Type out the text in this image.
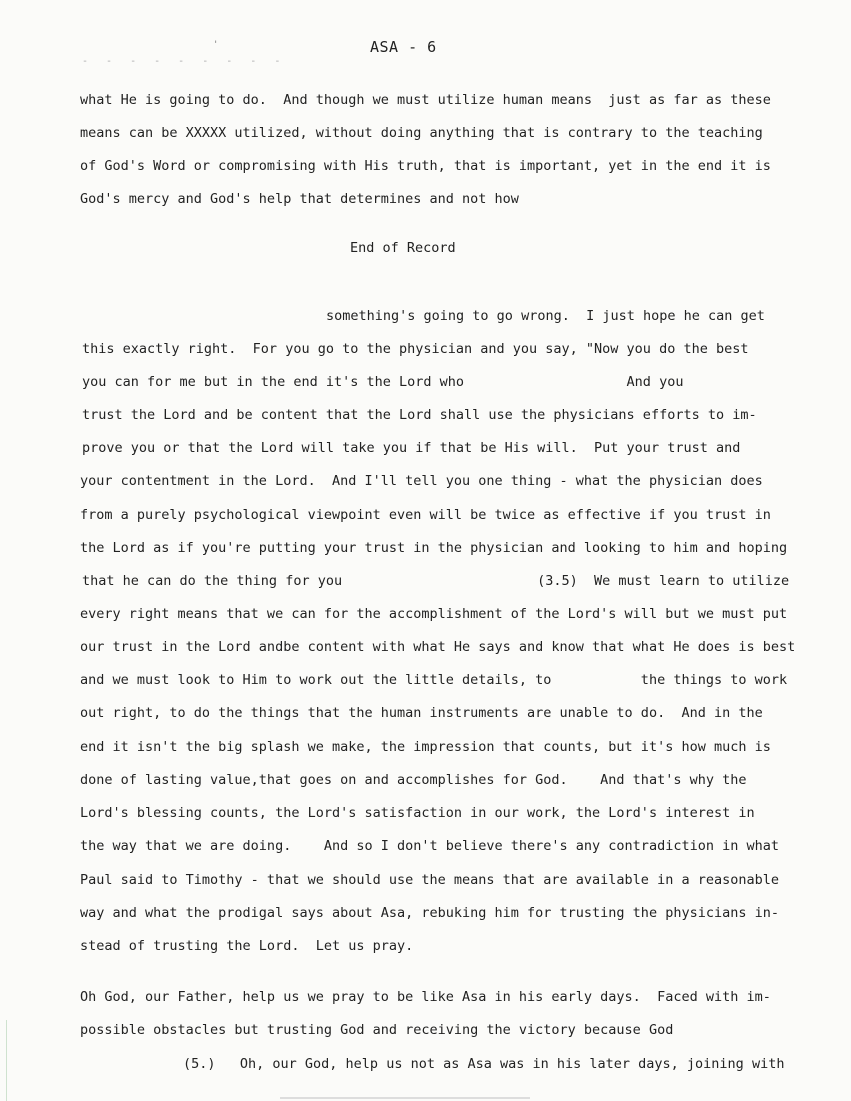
'
- - - - - - - - -
ASA - 6
what He is going to do.  And though we must utilize human means  just as far as these
means can be XXXXX utilized, without doing anything that is contrary to the teaching
of God's Word or compromising with His truth, that is important, yet in the end it is
God's mercy and God's help that determines and not how
End of Record
something's going to go wrong.  I just hope he can get
this exactly right.  For you go to the physician and you say, "Now you do the best
you can for me but in the end it's the Lord who                    And you
trust the Lord and be content that the Lord shall use the physicians efforts to im-
prove you or that the Lord will take you if that be His will.  Put your trust and
your contentment in the Lord.  And I'll tell you one thing - what the physician does
from a purely psychological viewpoint even will be twice as effective if you trust in
the Lord as if you're putting your trust in the physician and looking to him and hoping
that he can do the thing for you                        (3.5)  We must learn to utilize
every right means that we can for the accomplishment of the Lord's will but we must put
our trust in the Lord andbe content with what He says and know that what He does is best
and we must look to Him to work out the little details, to           the things to work
out right, to do the things that the human instruments are unable to do.  And in the
end it isn't the big splash we make, the impression that counts, but it's how much is
done of lasting value,that goes on and accomplishes for God.    And that's why the
Lord's blessing counts, the Lord's satisfaction in our work, the Lord's interest in
the way that we are doing.    And so I don't believe there's any contradiction in what
Paul said to Timothy - that we should use the means that are available in a reasonable
way and what the prodigal says about Asa, rebuking him for trusting the physicians in-
stead of trusting the Lord.  Let us pray.
Oh God, our Father, help us we pray to be like Asa in his early days.  Faced with im-
possible obstacles but trusting God and receiving the victory because God
(5.)   Oh, our God, help us not as Asa was in his later days, joining with
